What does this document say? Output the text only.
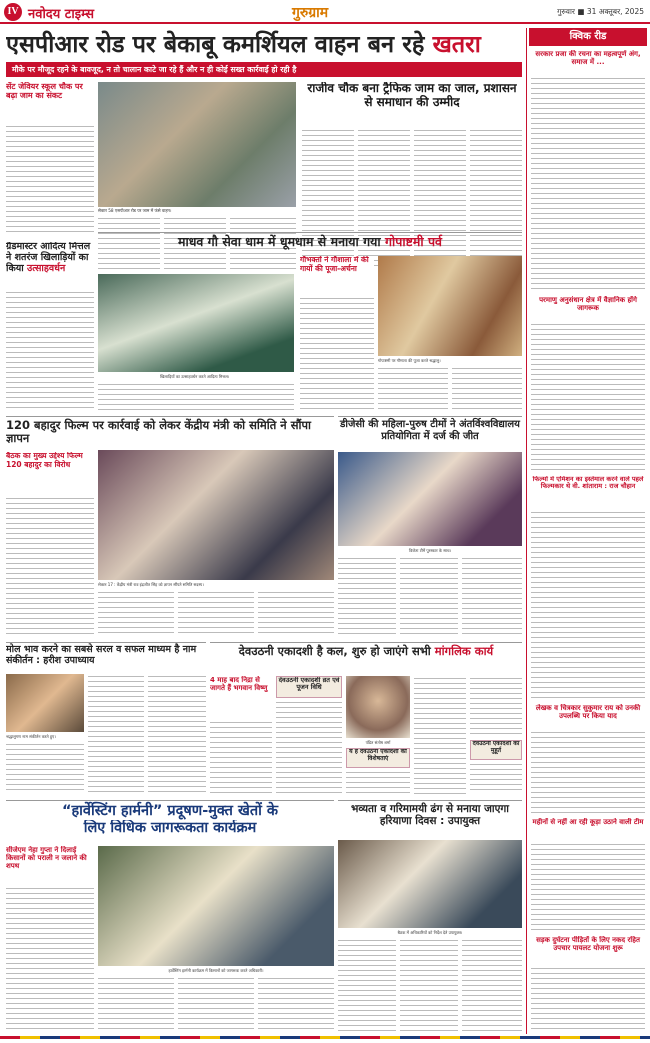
IV नवोदय टाइम्स	गुरुग्राम	गुरुवार ■ 31 अक्तूबर, 2025
एसपीआर रोड पर बेकाबू कमर्शियल वाहन बन रहे खतरा
मौके पर मौजूद रहने के बावजूद, न तो चालान काटे जा रहे हैं और न ही कोई सख्त कार्रवाई हो रही है
सेंट जेवियर स्कूल चौक पर बढ़ा जाम का संकट
सेक्टर 58 एसपीआर रोड पर जाम में फंसे वाहन।
राजीव चौक बना ट्रैफिक जाम का जाल, प्रशासन से समाधान की उम्मीद
ग्रैंडमास्टर आदित्य मित्तल ने शतरंज खिलाड़ियों का किया उत्साहवर्धन
खिलाड़ियों का उत्साहवर्धन करते आदित्य मित्तल।
माधव गौ सेवा धाम में धूमधाम से मनाया गया गोपाष्टमी पर्व
गौभक्तों ने गौशाला में की गायों की पूजा-अर्चना
गोपाष्टमी पर गौमाता की पूजा करते श्रद्धालु।
120 बहादुर फिल्म पर कार्रवाई को लेकर केंद्रीय मंत्री को समिति ने सौंपा ज्ञापन
बैठक का मुख्य उद्देश्य फिल्म 120 बहादुर का विरोध
सेक्टर 17 : केंद्रीय मंत्री राव इंद्रजीत सिंह को ज्ञापन सौंपते समिति सदस्य।
डीजेसी की महिला-पुरुष टीमों ने अंतर्विश्वविद्यालय प्रतियोगिता में दर्ज की जीत
विजेता टीमें पुरस्कार के साथ।
मोल भाव करने का सबसे सरल व सफल माध्यम है नाम संकीर्तन : हरीश उपाध्याय
श्रद्धालुगण नाम संकीर्तन करते हुए।
देवउठनी एकादशी है कल, शुरु हो जाएंगे सभी मांगलिक कार्य
4 माह बाद निद्रा से जागते हैं भगवान विष्णु
देवउठनी एकादशी व्रत एवं पूजन विधि
पंडित संतोष शर्मा
ये हैं देवउठनी एकादशी की विशेषताएं
देवउठनी एकादशी का मुहूर्त
“हार्वेस्टिंग हार्मनी” प्रदूषण-मुक्त खेतों के
लिए विधिक जागरूकता कार्यक्रम
सीजेएम नेहा गुप्ता ने दिलाई किसानों को पराली न जलाने की शपथ
हार्वेस्टिंग हार्मनी कार्यक्रम में किसानों को जागरूक करते अधिकारी।
भव्यता व गरिमामयी ढंग से मनाया जाएगा हरियाणा दिवस : उपायुक्त
बैठक में अधिकारियों को निर्देश देते उपायुक्त।
क्विक रीड
सरकार प्रजा की रचना का महत्वपूर्ण अंग, समाज में ...
परमाणु अनुसंधान क्षेत्र में वैज्ञानिक होंगे जागरूक
फिल्मों में एमिशन का इस्तेमाल करने वाले पहले फिल्मकार थे वी. शांताराम : राज चौहान
लेखक व चित्रकार सुकुमार राय को उनकी उपलब्धि पर किया याद
महीनों से नहीं आ रही कूड़ा उठाने वाली टीम
सड़क दुर्घटना पीड़ितों के लिए नकद रहित उपचार पायलट योजना शुरू
